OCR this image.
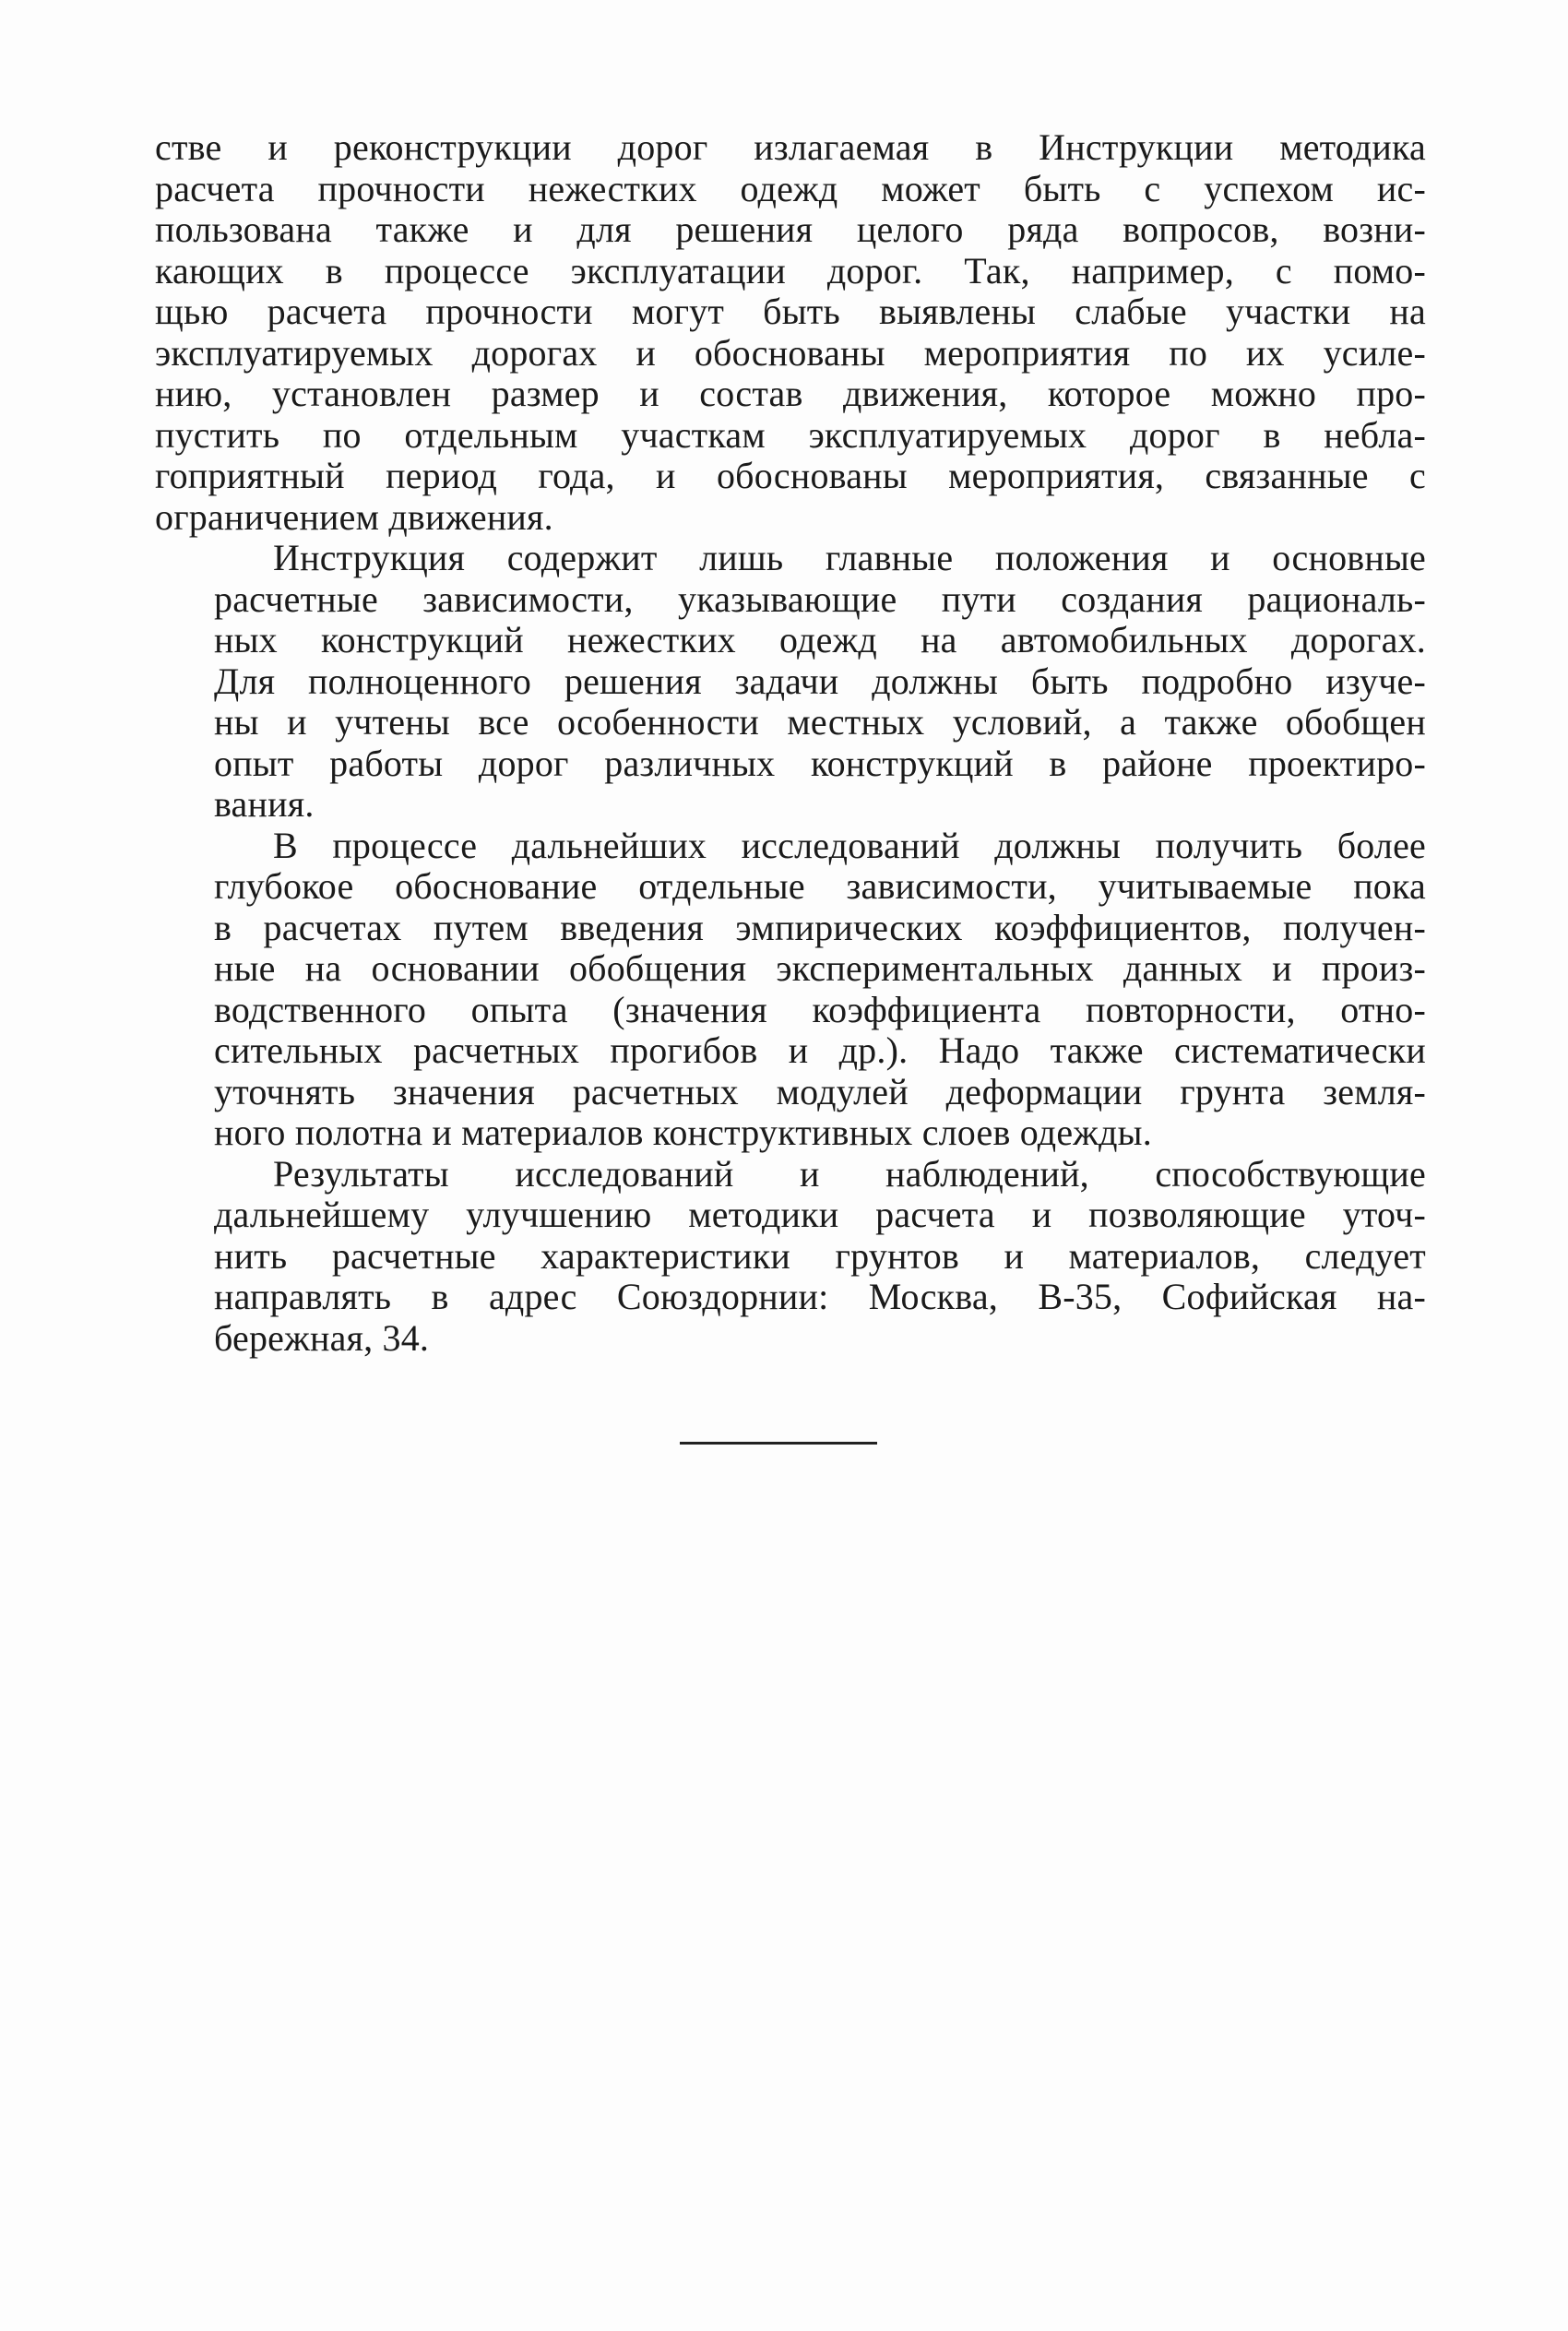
стве и реконструкции дорог излагаемая в Инструкции методика
расчета прочности нежестких одежд может быть с успехом ис-
пользована также и для решения целого ряда вопросов, возни-
кающих в процессе эксплуатации дорог. Так, например, с помо-
щью расчета прочности могут быть выявлены слабые участки на
эксплуатируемых дорогах и обоснованы мероприятия по их усиле-
нию, установлен размер и состав движения, которое можно про-
пустить по отдельным участкам эксплуатируемых дорог в небла-
гоприятный период года, и обоснованы мероприятия, связанные с
ограничением движения.
Инструкция содержит лишь главные положения и основные
расчетные зависимости, указывающие пути создания рациональ-
ных конструкций нежестких одежд на автомобильных дорогах.
Для полноценного решения задачи должны быть подробно изуче-
ны и учтены все особенности местных условий, а также обобщен
опыт работы дорог различных конструкций в районе проектиро-
вания.
В процессе дальнейших исследований должны получить более
глубокое обоснование отдельные зависимости, учитываемые пока
в расчетах путем введения эмпирических коэффициентов, получен-
ные на основании обобщения экспериментальных данных и произ-
водственного опыта (значения коэффициента повторности, отно-
сительных расчетных прогибов и др.). Надо также систематически
уточнять значения расчетных модулей деформации грунта земля-
ного полотна и материалов конструктивных слоев одежды.
Результаты исследований и наблюдений, способствующие
дальнейшему улучшению методики расчета и позволяющие уточ-
нить расчетные характеристики грунтов и материалов, следует
направлять в адрес Союздорнии: Москва, В-35, Софийская на-
бережная, 34.
